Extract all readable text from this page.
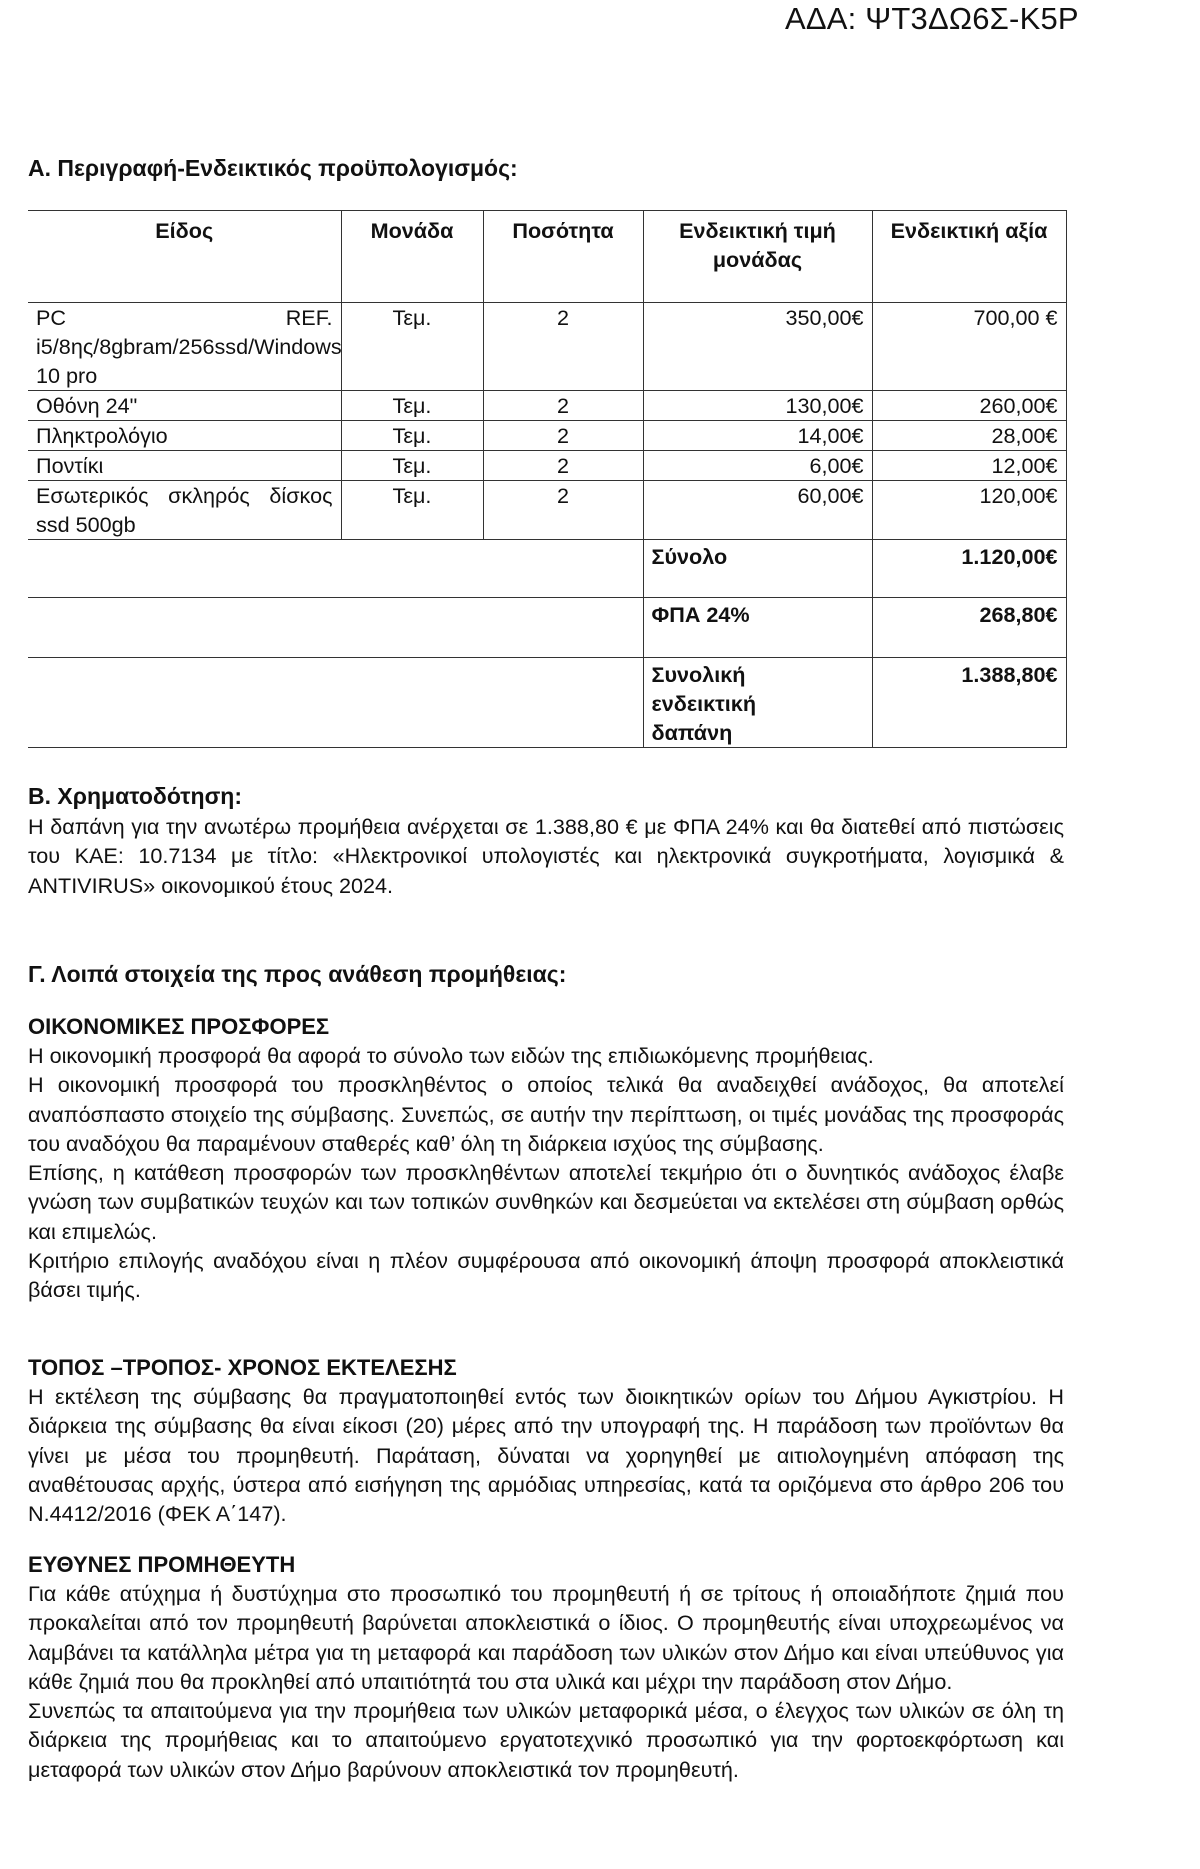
ΑΔΑ: ΨΤ3ΔΩ6Σ-Κ5Ρ
Α. Περιγραφή-Ενδεικτικός προϋπολογισμός:
Είδος	Μονάδα	Ποσότητα	Ενδεικτική τιμή μονάδας	Ενδεικτική αξία
PC REF. i5/8ης/8gbram/256ssd/Windows 10 pro	Τεμ.	2	350,00€	700,00 €
Οθόνη 24"	Τεμ.	2	130,00€	260,00€
Πληκτρολόγιο	Τεμ.	2	14,00€	28,00€
Ποντίκι	Τεμ.	2	6,00€	12,00€
Εσωτερικός σκληρός δίσκος ssd 500gb	Τεμ.	2	60,00€	120,00€
			Σύνολο	1.120,00€
			ΦΠΑ 24%	268,80€
			Συνολική ενδεικτική δαπάνη	1.388,80€
Β. Χρηματοδότηση:

Η δαπάνη για την ανωτέρω προμήθεια ανέρχεται σε 1.388,80 € με ΦΠΑ 24% και θα διατεθεί από πιστώσεις του ΚΑΕ: 10.7134 με τίτλο: «Ηλεκτρονικοί υπολογιστές και ηλεκτρονικά συγκροτήματα, λογισμικά & ANTIVIRUS» οικονομικού έτους 2024.

Γ. Λοιπά στοιχεία της προς ανάθεση προμήθειας:
ΟΙΚΟΝΟΜΙΚΕΣ ΠΡΟΣΦΟΡΕΣ

Η οικονομική προσφορά θα αφορά το σύνολο των ειδών της επιδιωκόμενης προμήθειας.

Η οικονομική προσφορά του προσκληθέντος ο οποίος τελικά θα αναδειχθεί ανάδοχος, θα αποτελεί αναπόσπαστο στοιχείο της σύμβασης. Συνεπώς, σε αυτήν την περίπτωση, οι τιμές μονάδας της προσφοράς του αναδόχου θα παραμένουν σταθερές καθ’ όλη τη διάρκεια ισχύος της σύμβασης.

Επίσης, η κατάθεση προσφορών των προσκληθέντων αποτελεί τεκμήριο ότι ο δυνητικός ανάδοχος έλαβε γνώση των συμβατικών τευχών και των τοπικών συνθηκών και δεσμεύεται να εκτελέσει στη σύμβαση ορθώς και επιμελώς.

Κριτήριο επιλογής αναδόχου είναι η πλέον συμφέρουσα από οικονομική άποψη προσφορά αποκλειστικά βάσει τιμής.

ΤΟΠΟΣ –ΤΡΟΠΟΣ- ΧΡΟΝΟΣ ΕΚΤΕΛΕΣΗΣ

Η εκτέλεση της σύμβασης θα πραγματοποιηθεί εντός των διοικητικών ορίων του Δήμου Αγκιστρίου. Η διάρκεια της σύμβασης θα είναι είκοσι (20) μέρες από την υπογραφή της. Η παράδοση των προϊόντων θα γίνει με μέσα του προμηθευτή. Παράταση, δύναται να χορηγηθεί με αιτιολογημένη απόφαση της αναθέτουσας αρχής, ύστερα από εισήγηση της αρμόδιας υπηρεσίας, κατά τα οριζόμενα στο άρθρο 206 του Ν.4412/2016 (ΦΕΚ Α΄147).

ΕΥΘΥΝΕΣ ΠΡΟΜΗΘΕΥΤΗ

Για κάθε ατύχημα ή δυστύχημα στο προσωπικό του προμηθευτή ή σε τρίτους ή οποιαδήποτε ζημιά που προκαλείται από τον προμηθευτή βαρύνεται αποκλειστικά ο ίδιος. Ο προμηθευτής είναι υποχρεωμένος να λαμβάνει τα κατάλληλα μέτρα για τη μεταφορά και παράδοση των υλικών στον Δήμο και είναι υπεύθυνος για κάθε ζημιά που θα προκληθεί από υπαιτιότητά του στα υλικά και μέχρι την παράδοση στον Δήμο.

Συνεπώς τα απαιτούμενα για την προμήθεια των υλικών μεταφορικά μέσα, ο έλεγχος των υλικών σε όλη τη διάρκεια της προμήθειας και το απαιτούμενο εργατοτεχνικό προσωπικό για την φορτοεκφόρτωση και μεταφορά των υλικών στον Δήμο βαρύνουν αποκλειστικά τον προμηθευτή.
